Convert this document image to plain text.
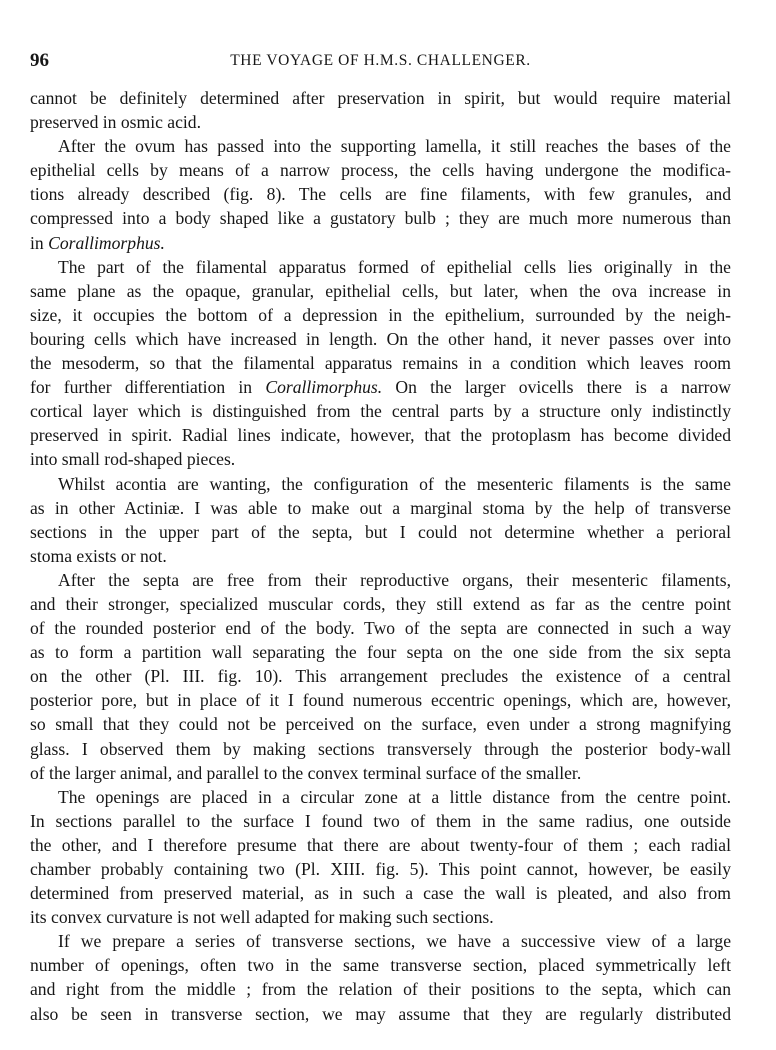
96	THE VOYAGE OF H.M.S. CHALLENGER.
cannot be definitely determined after preservation in spirit, but would require material
preserved in osmic acid.
After the ovum has passed into the supporting lamella, it still reaches the bases of the
epithelial cells by means of a narrow process, the cells having undergone the modifica-
tions already described (fig. 8). The cells are fine filaments, with few granules, and
compressed into a body shaped like a gustatory bulb ; they are much more numerous than
in Corallimorphus.
The part of the filamental apparatus formed of epithelial cells lies originally in the
same plane as the opaque, granular, epithelial cells, but later, when the ova increase in
size, it occupies the bottom of a depression in the epithelium, surrounded by the neigh-
bouring cells which have increased in length. On the other hand, it never passes over into
the mesoderm, so that the filamental apparatus remains in a condition which leaves room
for further differentiation in Corallimorphus. On the larger ovicells there is a narrow
cortical layer which is distinguished from the central parts by a structure only indistinctly
preserved in spirit. Radial lines indicate, however, that the protoplasm has become divided
into small rod-shaped pieces.
Whilst acontia are wanting, the configuration of the mesenteric filaments is the same
as in other Actiniæ. I was able to make out a marginal stoma by the help of transverse
sections in the upper part of the septa, but I could not determine whether a perioral
stoma exists or not.
After the septa are free from their reproductive organs, their mesenteric filaments,
and their stronger, specialized muscular cords, they still extend as far as the centre point
of the rounded posterior end of the body. Two of the septa are connected in such a way
as to form a partition wall separating the four septa on the one side from the six septa
on the other (Pl. III. fig. 10). This arrangement precludes the existence of a central
posterior pore, but in place of it I found numerous eccentric openings, which are, however,
so small that they could not be perceived on the surface, even under a strong magnifying
glass. I observed them by making sections transversely through the posterior body-wall
of the larger animal, and parallel to the convex terminal surface of the smaller.
The openings are placed in a circular zone at a little distance from the centre point.
In sections parallel to the surface I found two of them in the same radius, one outside
the other, and I therefore presume that there are about twenty-four of them ; each radial
chamber probably containing two (Pl. XIII. fig. 5). This point cannot, however, be easily
determined from preserved material, as in such a case the wall is pleated, and also from
its convex curvature is not well adapted for making such sections.
If we prepare a series of transverse sections, we have a successive view of a large
number of openings, often two in the same transverse section, placed symmetrically left
and right from the middle ; from the relation of their positions to the septa, which can
also be seen in transverse section, we may assume that they are regularly distributed
